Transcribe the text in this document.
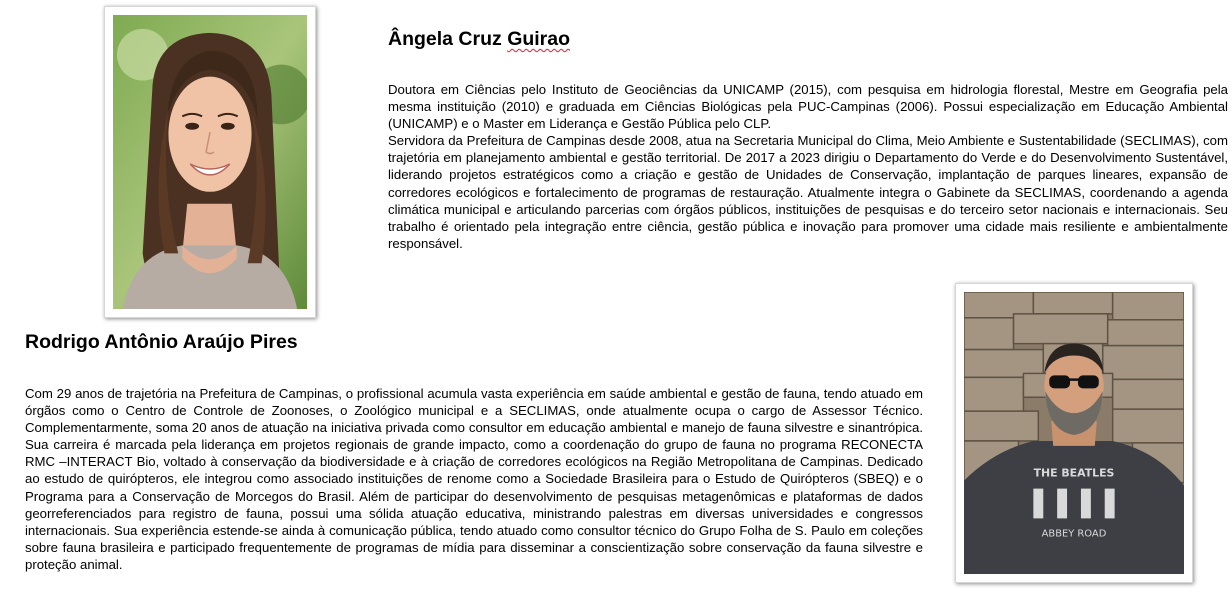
Ângela Cruz Guirao

Doutora em Ciências pelo Instituto de Geociências da UNICAMP (2015), com pesquisa em hidrologia florestal, Mestre em Geografia pela mesma instituição (2010) e graduada em Ciências Biológicas pela PUC-Campinas (2006). Possui especialização em Educação Ambiental (UNICAMP) e o Master em Liderança e Gestão Pública pelo CLP.

Servidora da Prefeitura de Campinas desde 2008, atua na Secretaria Municipal do Clima, Meio Ambiente e Sustentabilidade (SECLIMAS), com trajetória em planejamento ambiental e gestão territorial. De 2017 a 2023 dirigiu o Departamento do Verde e do Desenvolvimento Sustentável, liderando projetos estratégicos como a criação e gestão de Unidades de Conservação, implantação de parques lineares, expansão de corredores ecológicos e fortalecimento de programas de restauração. Atualmente integra o Gabinete da SECLIMAS, coordenando a agenda climática municipal e articulando parcerias com órgãos públicos, instituições de pesquisas e do terceiro setor nacionais e internacionais. Seu trabalho é orientado pela integração entre ciência, gestão pública e inovação para promover uma cidade mais resiliente e ambientalmente responsável.

Rodrigo Antônio Araújo Pires

Com 29 anos de trajetória na Prefeitura de Campinas, o profissional acumula vasta experiência em saúde ambiental e gestão de fauna, tendo atuado em órgãos como o Centro de Controle de Zoonoses, o Zoológico municipal e a SECLIMAS, onde atualmente ocupa o cargo de Assessor Técnico. Complementarmente, soma 20 anos de atuação na iniciativa privada como consultor em educação ambiental e manejo de fauna silvestre e sinantrópica. Sua carreira é marcada pela liderança em projetos regionais de grande impacto, como a coordenação do grupo de fauna no programa RECONECTA RMC –INTERACT Bio, voltado à conservação da biodiversidade e à criação de corredores ecológicos na Região Metropolitana de Campinas. Dedicado ao estudo de quirópteros, ele integrou como associado instituições de renome como a Sociedade Brasileira para o Estudo de Quirópteros (SBEQ) e o Programa para a Conservação de Morcegos do Brasil. Além de participar do desenvolvimento de pesquisas metagenômicas e plataformas de dados georreferenciados para registro de fauna, possui uma sólida atuação educativa, ministrando palestras em diversas universidades e congressos internacionais. Sua experiência estende-se ainda à comunicação pública, tendo atuado como consultor técnico do Grupo Folha de S. Paulo em coleções sobre fauna brasileira e participado frequentemente de programas de mídia para disseminar a conscientização sobre conservação da fauna silvestre e proteção animal.

THE BEATLES
ABBEY ROAD
